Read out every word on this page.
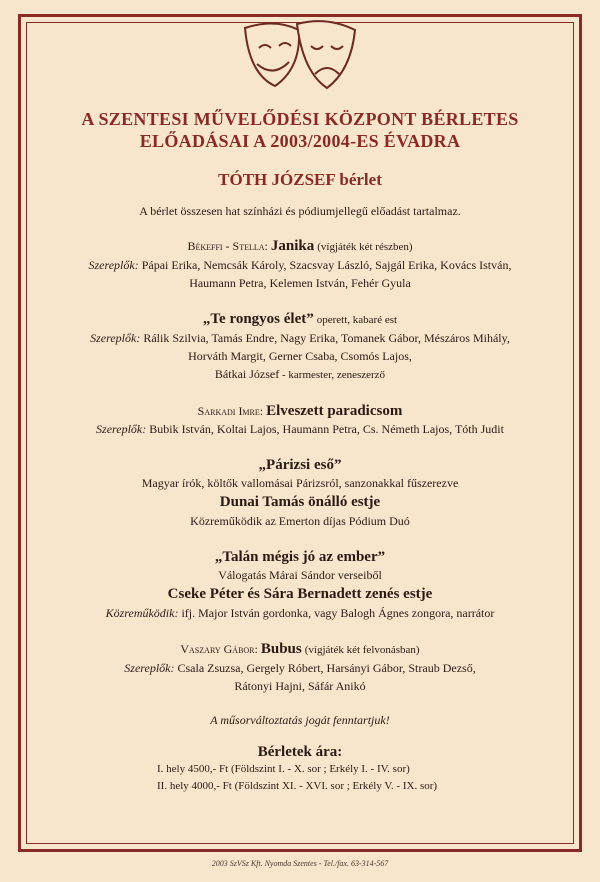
A SZENTESI MŰVELŐDÉSI KÖZPONT BÉRLETES
ELŐADÁSAI A 2003/2004-ES ÉVADRA
TÓTH JÓZSEF bérlet
A bérlet összesen hat színházi és pódiumjellegű előadást tartalmaz.
Békeffi - Stella: Janika (vígjáték két részben)
Szereplők: Pápai Erika, Nemcsák Károly, Szacsvay László, Sajgál Erika, Kovács István,
Haumann Petra, Kelemen István, Fehér Gyula
„Te rongyos élet” operett, kabaré est
Szereplők: Rálik Szilvia, Tamás Endre, Nagy Erika, Tomanek Gábor, Mészáros Mihály,
Horváth Margit, Gerner Csaba, Csomós Lajos,
Bátkai József - karmester, zeneszerző
Sarkadi Imre: Elveszett paradicsom
Szereplők: Bubik István, Koltai Lajos, Haumann Petra, Cs. Németh Lajos, Tóth Judit
„Párizsi eső”
Magyar írók, költők vallomásai Párizsról, sanzonakkal fűszerezve
Dunai Tamás önálló estje
Közreműködik az Emerton díjas Pódium Duó
„Talán mégis jó az ember”
Válogatás Márai Sándor verseiből
Cseke Péter és Sára Bernadett zenés estje
Közreműködik: ifj. Major István gordonka, vagy Balogh Ágnes zongora, narrátor
Vaszary Gábor: Bubus (vígjáték két felvonásban)
Szereplők: Csala Zsuzsa, Gergely Róbert, Harsányi Gábor, Straub Dezső,
Rátonyi Hajni, Sáfár Anikó
A műsorváltoztatás jogát fenntartjuk!
Bérletek ára:
I. hely 4500,- Ft (Földszint I. - X. sor ; Erkély I. - IV. sor)
II. hely 4000,- Ft (Földszint XI. - XVI. sor ; Erkély V. - IX. sor)
2003 SzVSz Kft. Nyomda Szentes - Tel./fax. 63-314-567
